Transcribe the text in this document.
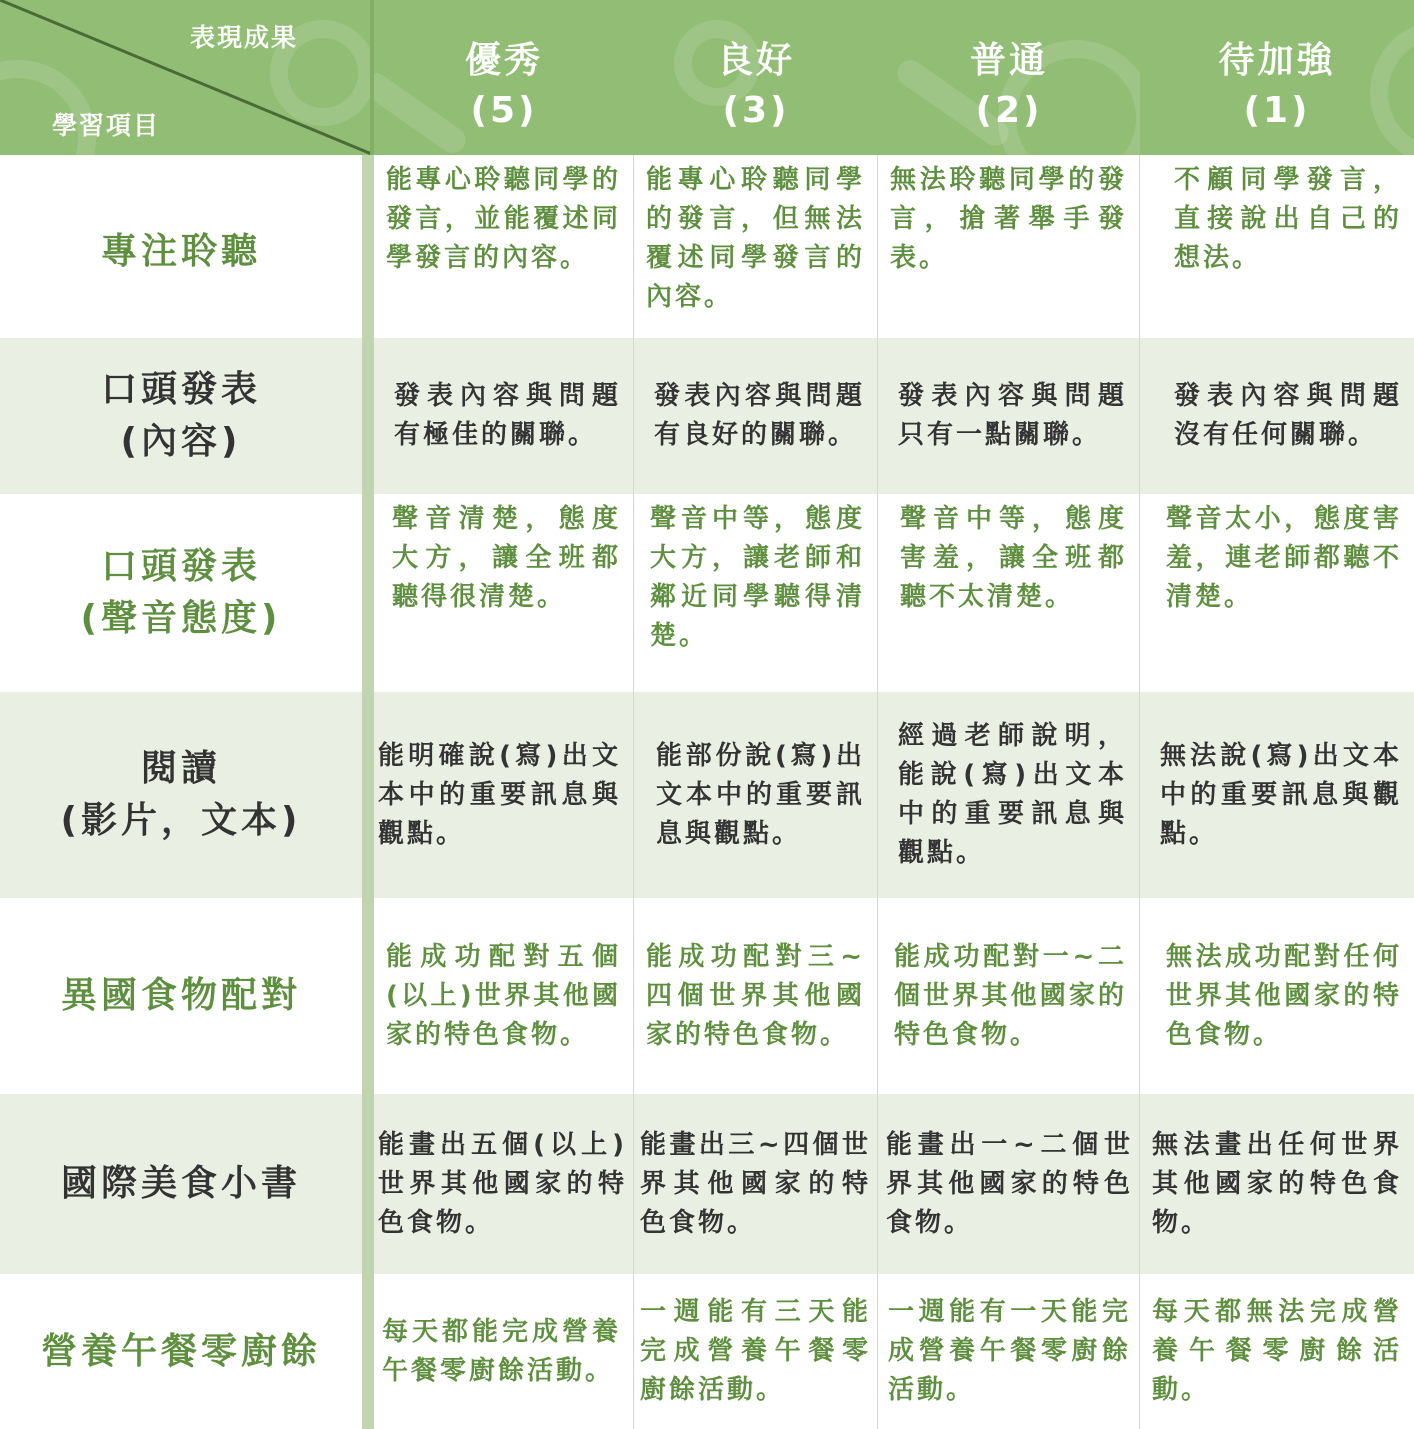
表現成果
學習項目
優秀
(5)
良好
(3)
普通
(2)
待加強
(1)
專注聆聽
能專心聆聽同學的發言，並能覆述同學發言的內容。
能專心聆聽同學的發言，但無法覆述同學發言的內容。
無法聆聽同學的發言，搶著舉手發表。
不顧同學發言，直接說出自己的想法。
口頭發表
(內容)
發表內容與問題有極佳的關聯。
發表內容與問題有良好的關聯。
發表內容與問題只有一點關聯。
發表內容與問題沒有任何關聯。
口頭發表
(聲音態度)
聲音清楚，態度大方，讓全班都聽得很清楚。
聲音中等，態度大方，讓老師和鄰近同學聽得清楚。
聲音中等，態度害羞，讓全班都聽不太清楚。
聲音太小，態度害羞，連老師都聽不清楚。
閱讀
(影片，文本)
能明確說(寫)出文本中的重要訊息與觀點。
能部份說(寫)出文本中的重要訊息與觀點。
經過老師說明，能說(寫)出文本中的重要訊息與觀點。
無法說(寫)出文本中的重要訊息與觀點。
異國食物配對
能成功配對五個(以上)世界其他國家的特色食物。
能成功配對三~四個世界其他國家的特色食物。
能成功配對一~二個世界其他國家的特色食物。
無法成功配對任何世界其他國家的特色食物。
國際美食小書
能畫出五個(以上)世界其他國家的特色食物。
能畫出三~四個世界其他國家的特色食物。
能畫出一~二個世界其他國家的特色食物。
無法畫出任何世界其他國家的特色食物。
營養午餐零廚餘	每天都能完成營養午餐零廚餘活動。
一週能有三天能完成營養午餐零廚餘活動。
一週能有一天能完成營養午餐零廚餘活動。
每天都無法完成營養午餐零廚餘活動。
